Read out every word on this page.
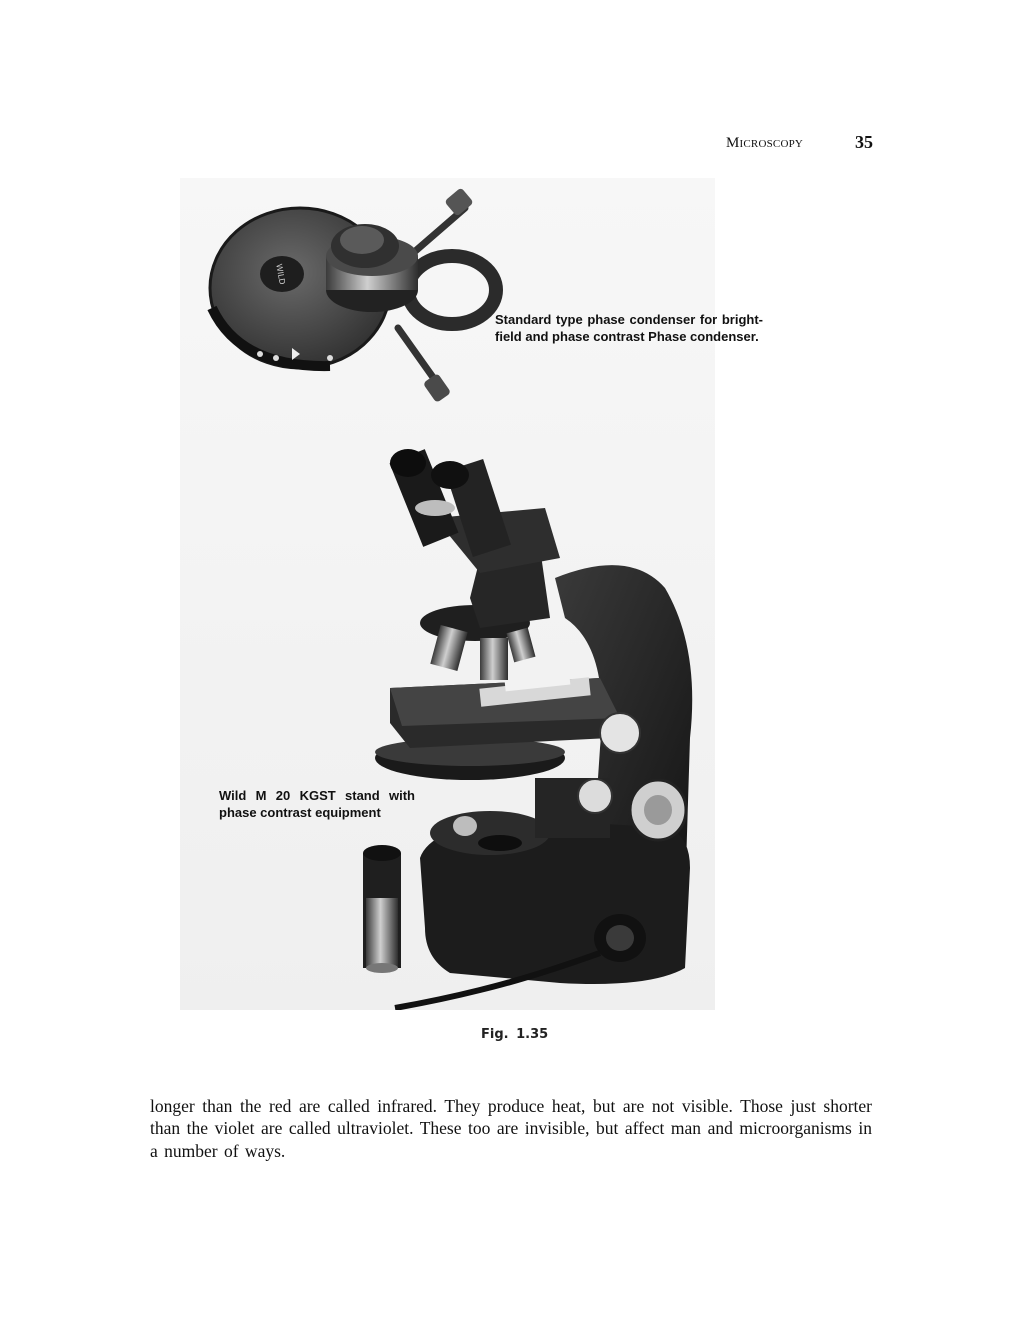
Microscopy	35
WILD
Standard type phase condenser for bright-field and phase contrast Phase condenser.
Wild M 20 KGST stand with phase contrast equipment
Fig. 1.35

longer than the red are called infrared. They produce heat, but are not visible. Those just shorter than the violet are called ultraviolet. These too are invisible, but affect man and microorganisms in a number of ways.
